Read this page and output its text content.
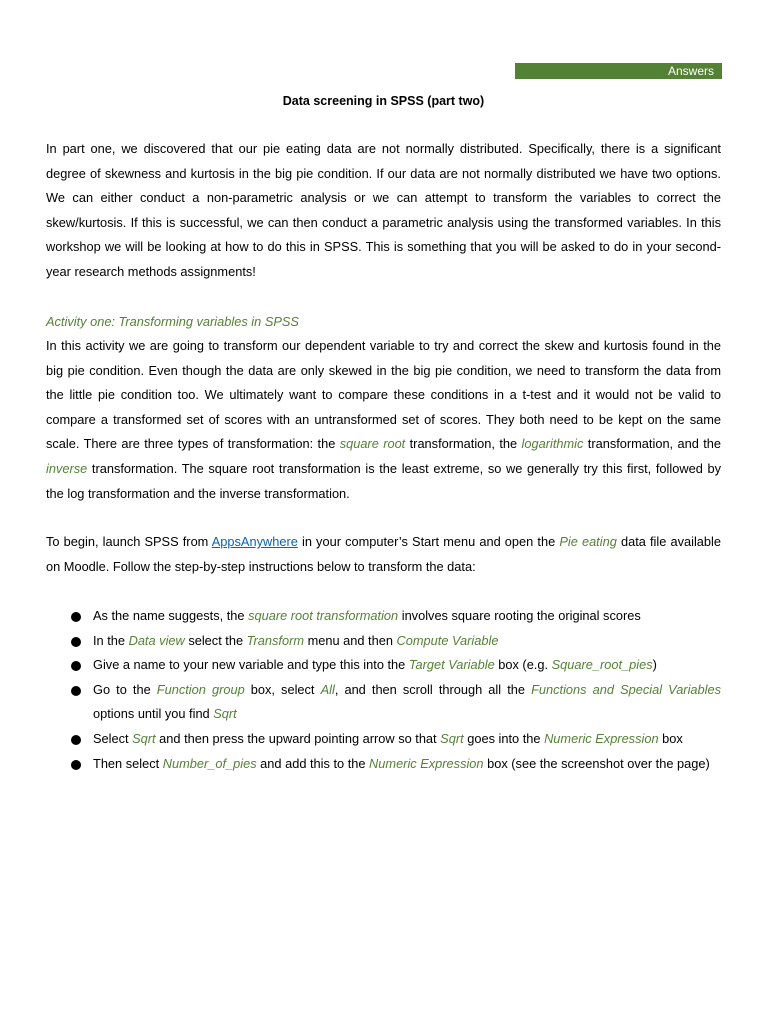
Answers
Data screening in SPSS (part two)
In part one, we discovered that our pie eating data are not normally distributed. Specifically, there is a significant degree of skewness and kurtosis in the big pie condition. If our data are not normally distributed we have two options. We can either conduct a non-parametric analysis or we can attempt to transform the variables to correct the skew/kurtosis. If this is successful, we can then conduct a parametric analysis using the transformed variables. In this workshop we will be looking at how to do this in SPSS. This is something that you will be asked to do in your second-year research methods assignments!
Activity one: Transforming variables in SPSS
In this activity we are going to transform our dependent variable to try and correct the skew and kurtosis found in the big pie condition. Even though the data are only skewed in the big pie condition, we need to transform the data from the little pie condition too. We ultimately want to compare these conditions in a t-test and it would not be valid to compare a transformed set of scores with an untransformed set of scores. They both need to be kept on the same scale. There are three types of transformation: the square root transformation, the logarithmic transformation, and the inverse transformation. The square root transformation is the least extreme, so we generally try this first, followed by the log transformation and the inverse transformation.
To begin, launch SPSS from AppsAnywhere in your computer’s Start menu and open the Pie eating data file available on Moodle. Follow the step-by-step instructions below to transform the data:
As the name suggests, the square root transformation involves square rooting the original scores
In the Data view select the Transform menu and then Compute Variable
Give a name to your new variable and type this into the Target Variable box (e.g. Square_root_pies)
Go to the Function group box, select All, and then scroll through all the Functions and Special Variables options until you find Sqrt
Select Sqrt and then press the upward pointing arrow so that Sqrt goes into the Numeric Expression box
Then select Number_of_pies and add this to the Numeric Expression box (see the screenshot over the page)
